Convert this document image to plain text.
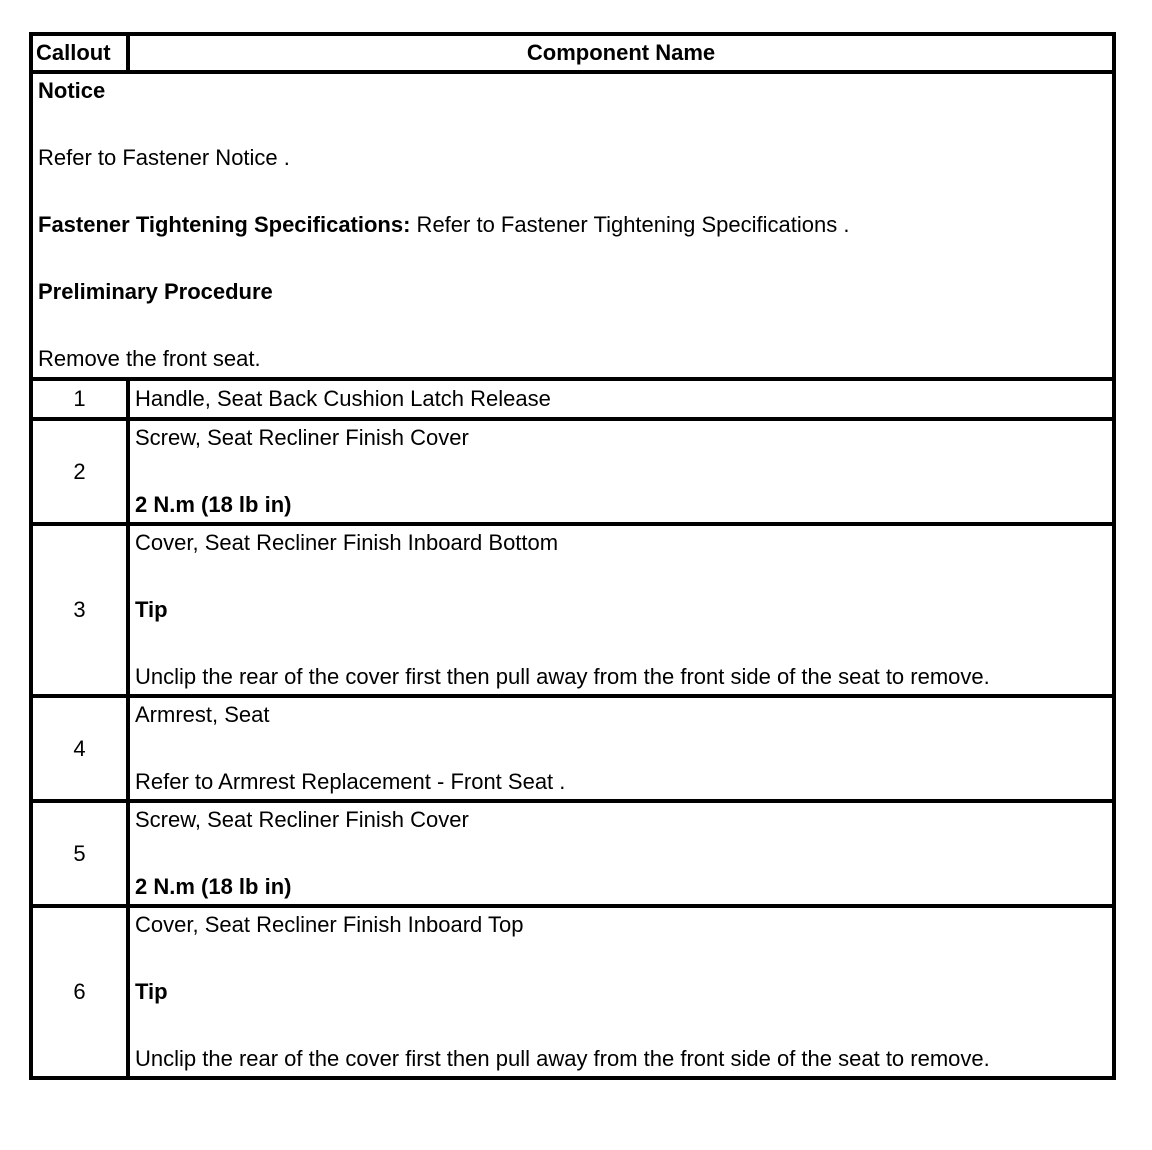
Callout	Component Name

Notice
Refer to Fastener Notice .
Fastener Tightening Specifications: Refer to Fastener Tightening Specifications .
Preliminary Procedure
Remove the front seat.	

1	Handle, Seat Back Cushion Latch Release

2	Screw, Seat Recliner Finish Cover
2 N.m (18 lb in)

3	Cover, Seat Recliner Finish Inboard Bottom
Tip
Unclip the rear of the cover first then pull away from the front side of the seat to remove.

4	Armrest, Seat
Refer to Armrest Replacement - Front Seat .

5	Screw, Seat Recliner Finish Cover
2 N.m (18 lb in)

6	Cover, Seat Recliner Finish Inboard Top
Tip
Unclip the rear of the cover first then pull away from the front side of the seat to remove.
